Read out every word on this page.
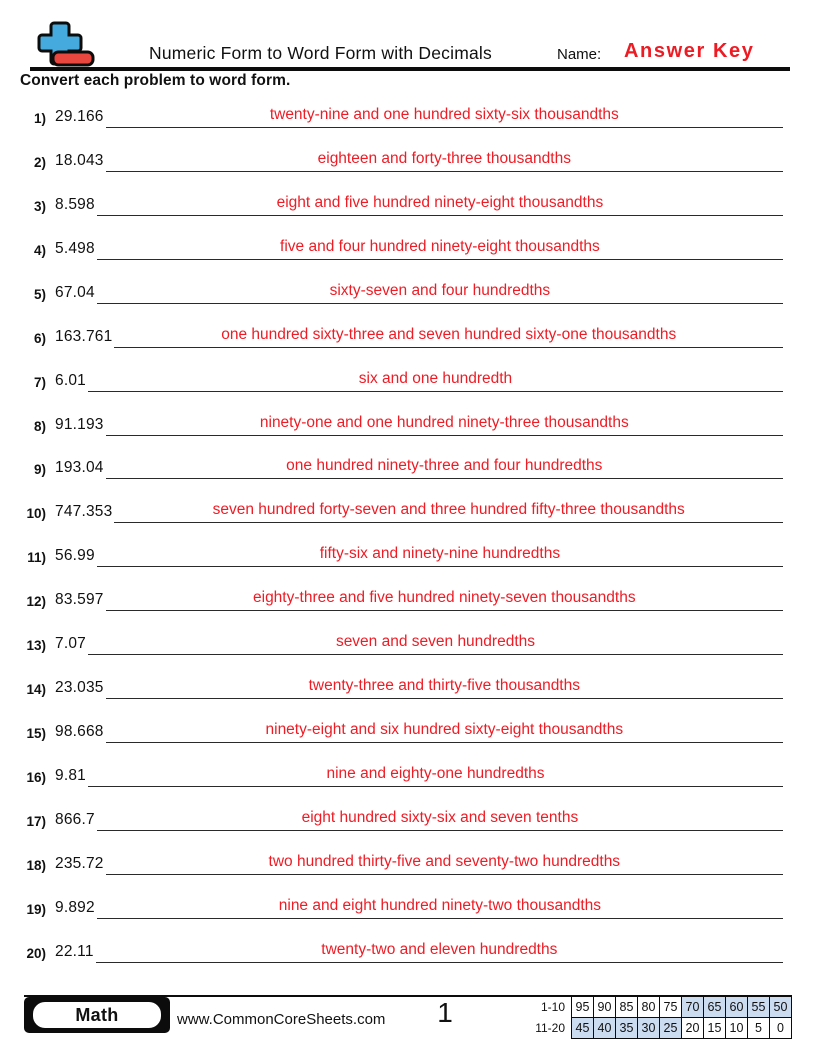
Numeric Form to Word Form with Decimals	Name: Answer Key
Convert each problem to word form.
1) 29.166	twenty-nine and one hundred sixty-six thousandths
2) 18.043	eighteen and forty-three thousandths
3) 8.598	eight and five hundred ninety-eight thousandths
4) 5.498	five and four hundred ninety-eight thousandths
5) 67.04	sixty-seven and four hundredths
6) 163.761	one hundred sixty-three and seven hundred sixty-one thousandths
7) 6.01	six and one hundredth
8) 91.193	ninety-one and one hundred ninety-three thousandths
9) 193.04	one hundred ninety-three and four hundredths
10) 747.353	seven hundred forty-seven and three hundred fifty-three thousandths
11) 56.99	fifty-six and ninety-nine hundredths
12) 83.597	eighty-three and five hundred ninety-seven thousandths
13) 7.07	seven and seven hundredths
14) 23.035	twenty-three and thirty-five thousandths
15) 98.668	ninety-eight and six hundred sixty-eight thousandths
16) 9.81	nine and eighty-one hundredths
17) 866.7	eight hundred sixty-six and seven tenths
18) 235.72	two hundred thirty-five and seventy-two hundredths
19) 9.892	nine and eight hundred ninety-two thousandths
20) 22.11	twenty-two and eleven hundredths
Math	www.CommonCoreSheets.com	1	1-10	95	90	85	80	75	70	65	60	55	50
11-20	45	40	35	30	25	20	15	10	5	0
